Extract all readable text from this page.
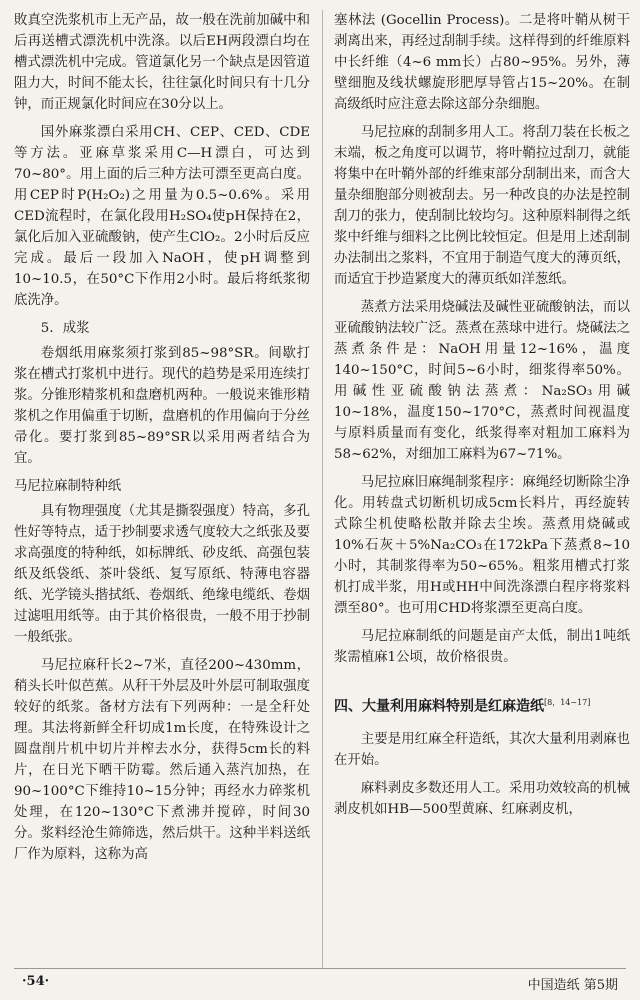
敗真空洗浆机市上无产品，故一般在洗前加碱中和后再送槽式漂洗机中洗涤。以后EH两段漂白均在槽式漂洗机中完成。管道氯化另一个缺点是因管道阻力大，时间不能太长，往往氯化时间只有十几分钟，而正规氯化时间应在30分以上。

国外麻浆漂白采用CH、CEP、CED、CDE等方法。亚麻草浆采用C—H漂白，可达到70~80°。用上面的后三种方法可漂至更高白度。用CEP时P(H₂O₂)之用量为0.5~0.6%。采用CED流程时，在氯化段用H₂SO₄使pH保持在2，氯化后加入亚硫酸钠，使产生ClO₂。2小时后反应完成。最后一段加入NaOH，使pH调整到10~10.5，在50°C下作用2小时。最后将纸浆彻底洗净。

5．成浆

卷烟纸用麻浆须打浆到85~98°SR。间歇打浆在槽式打浆机中进行。现代的趋势是采用连续打浆。分锥形精浆机和盘磨机两种。一般说来锥形精浆机之作用偏重于切断，盘磨机的作用偏向于分丝帚化。要打浆到85~89°SR以采用两者结合为宜。

马尼拉麻制特种纸

具有物理强度（尤其是撕裂强度）特高，多孔性好等特点，适于抄制要求透气度较大之纸张及要求高强度的特种纸，如标牌纸、砂皮纸、高强包装纸及纸袋纸、茶叶袋纸、复写原纸、特薄电容器纸、光学镜头揩拭纸、卷烟纸、绝缘电缆纸、卷烟过滤咀用纸等。由于其价格很贵，一般不用于抄制一般纸张。

马尼拉麻秆长2~7米，直径200~430mm，稍头长叶似芭蕉。从秆干外层及叶外层可制取强度较好的纸浆。备材方法有下列两种：一是全秆处理。其法将新鲜全秆切成1m长度，在特殊设计之圆盘削片机中切片并榨去水分，获得5cm长的料片，在日光下晒干防霉。然后通入蒸汽加热，在90~100°C下维持10~15分钟；再经水力碎浆机处理，在120~130°C下煮沸并搅碎，时间30分。浆料经沧生筛筛选，然后烘干。这种半料送纸厂作为原料，这称为高

塞林法 (Gocellin Process)。二是将叶鞘从树干剥离出来，再经过刮制手续。这样得到的纤维原料中长纤维（4~6 mm长）占80~95%。另外，薄壁细胞及线状螺旋形肥厚导管占15~20%。在制高级纸时应注意去除这部分杂细胞。

马尼拉麻的刮制多用人工。将刮刀装在长板之末端，板之角度可以调节，将叶鞘拉过刮刀，就能将集中在叶鞘外部的纤维束部分刮制出来，而含大量杂细胞部分则被刮去。另一种改良的办法是控制刮刀的张力，使刮制比较均匀。这种原料制得之纸浆中纤维与细料之比例比较恒定。但是用上述刮制办法制出之浆料，不宜用于制造气度大的薄页纸，而适宜于抄造紧度大的薄页纸如洋葱纸。

蒸煮方法采用烧碱法及碱性亚硫酸钠法，而以亚硫酸钠法较广泛。蒸煮在蒸球中进行。烧碱法之蒸煮条件是：NaOH用量12~16%，温度140~150°C，时间5~6小时，细浆得率50%。用碱性亚硫酸钠法蒸煮：Na₂SO₃用碱10~18%，温度150~170°C，蒸煮时间视温度与原料质量而有变化，纸浆得率对粗加工麻料为58~62%，对细加工麻料为67~71%。

马尼拉麻旧麻绳制浆程序：麻绳经切断除尘净化。用转盘式切断机切成5cm长料片，再经旋转式除尘机使略松散并除去尘埃。蒸煮用烧碱或10%石灰＋5%Na₂CO₃在172kPa下蒸煮8~10小时，其制浆得率为50~65%。粗浆用槽式打浆机打成半浆，用H或HH中间洗涤漂白程序将浆料漂至80°。也可用CHD将浆漂至更高白度。

马尼拉麻制纸的问题是亩产太低，制出1吨纸浆需植麻1公顷，故价格很贵。

四、大量利用麻料特别是红麻造纸[8，14~17]

主要是用红麻全秆造纸，其次大量利用剥麻也在开始。

麻料剥皮多数还用人工。采用功效较高的机械剥皮机如HB—500型黄麻、红麻剥皮机，

·54·	中国造纸 第5期
